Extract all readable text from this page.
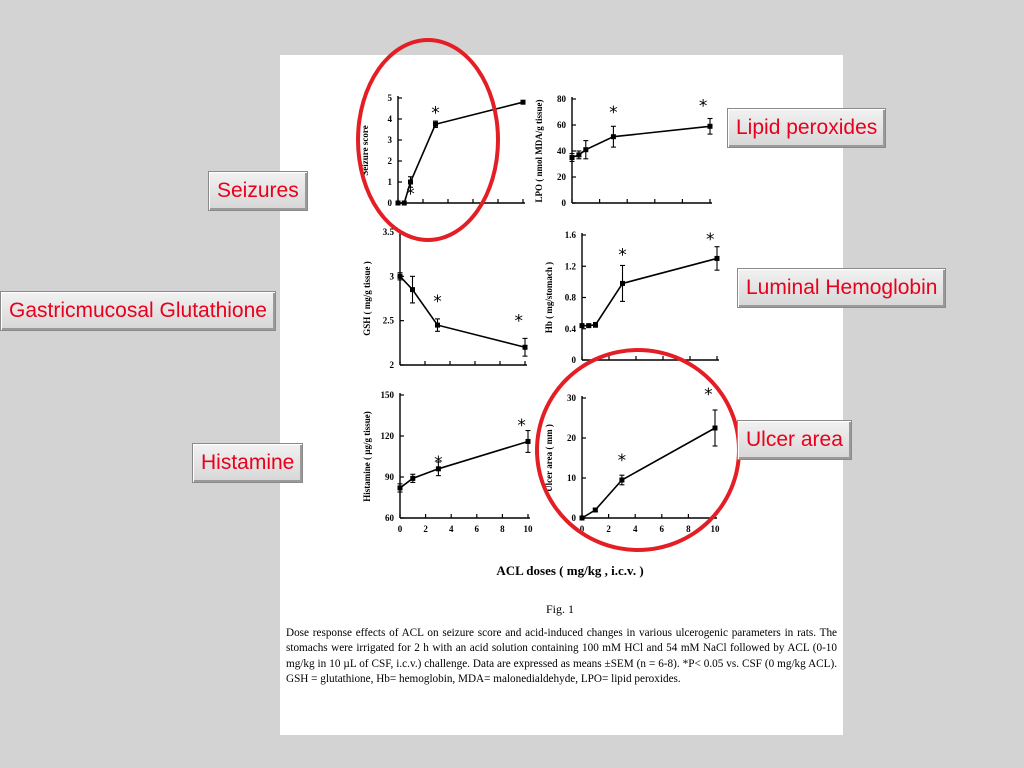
0
1
2
3
4
5
Seizure score
*
*
0
20
40
60
80
LPO ( nmol MDA/g tissue)	*	*
2
2.5
3
3.5
GSH ( mg/g tissue )	*
*
0
0.4
0.8
1.2
1.6
Hb ( mg/stomach )
*
*
60
90
120
150
0 2 4 6 8 10
Histamine ( µg/g tissue)	*
*
0
10
20
30
0 2 4 6 8 10
Ulcer area ( mm )	*
*
ACL doses ( mg/kg , i.c.v. )
Fig. 1
Dose response effects of ACL on seizure score and acid-induced changes in various ulcerogenic parameters in rats. The stomachs were irrigated for 2 h with an acid solution containing 100 mM HCl and 54 mM NaCl followed by ACL (0-10 mg/kg in 10 µL of CSF, i.c.v.) challenge. Data are expressed as means ±SEM (n = 6-8). *P< 0.05 vs. CSF (0 mg/kg ACL). GSH = glutathione, Hb= hemoglobin, MDA= malonedialdehyde, LPO= lipid peroxides.
Seizures
Lipid peroxides
Gastricmucosal Glutathione
Luminal Hemoglobin
Histamine
Ulcer area
